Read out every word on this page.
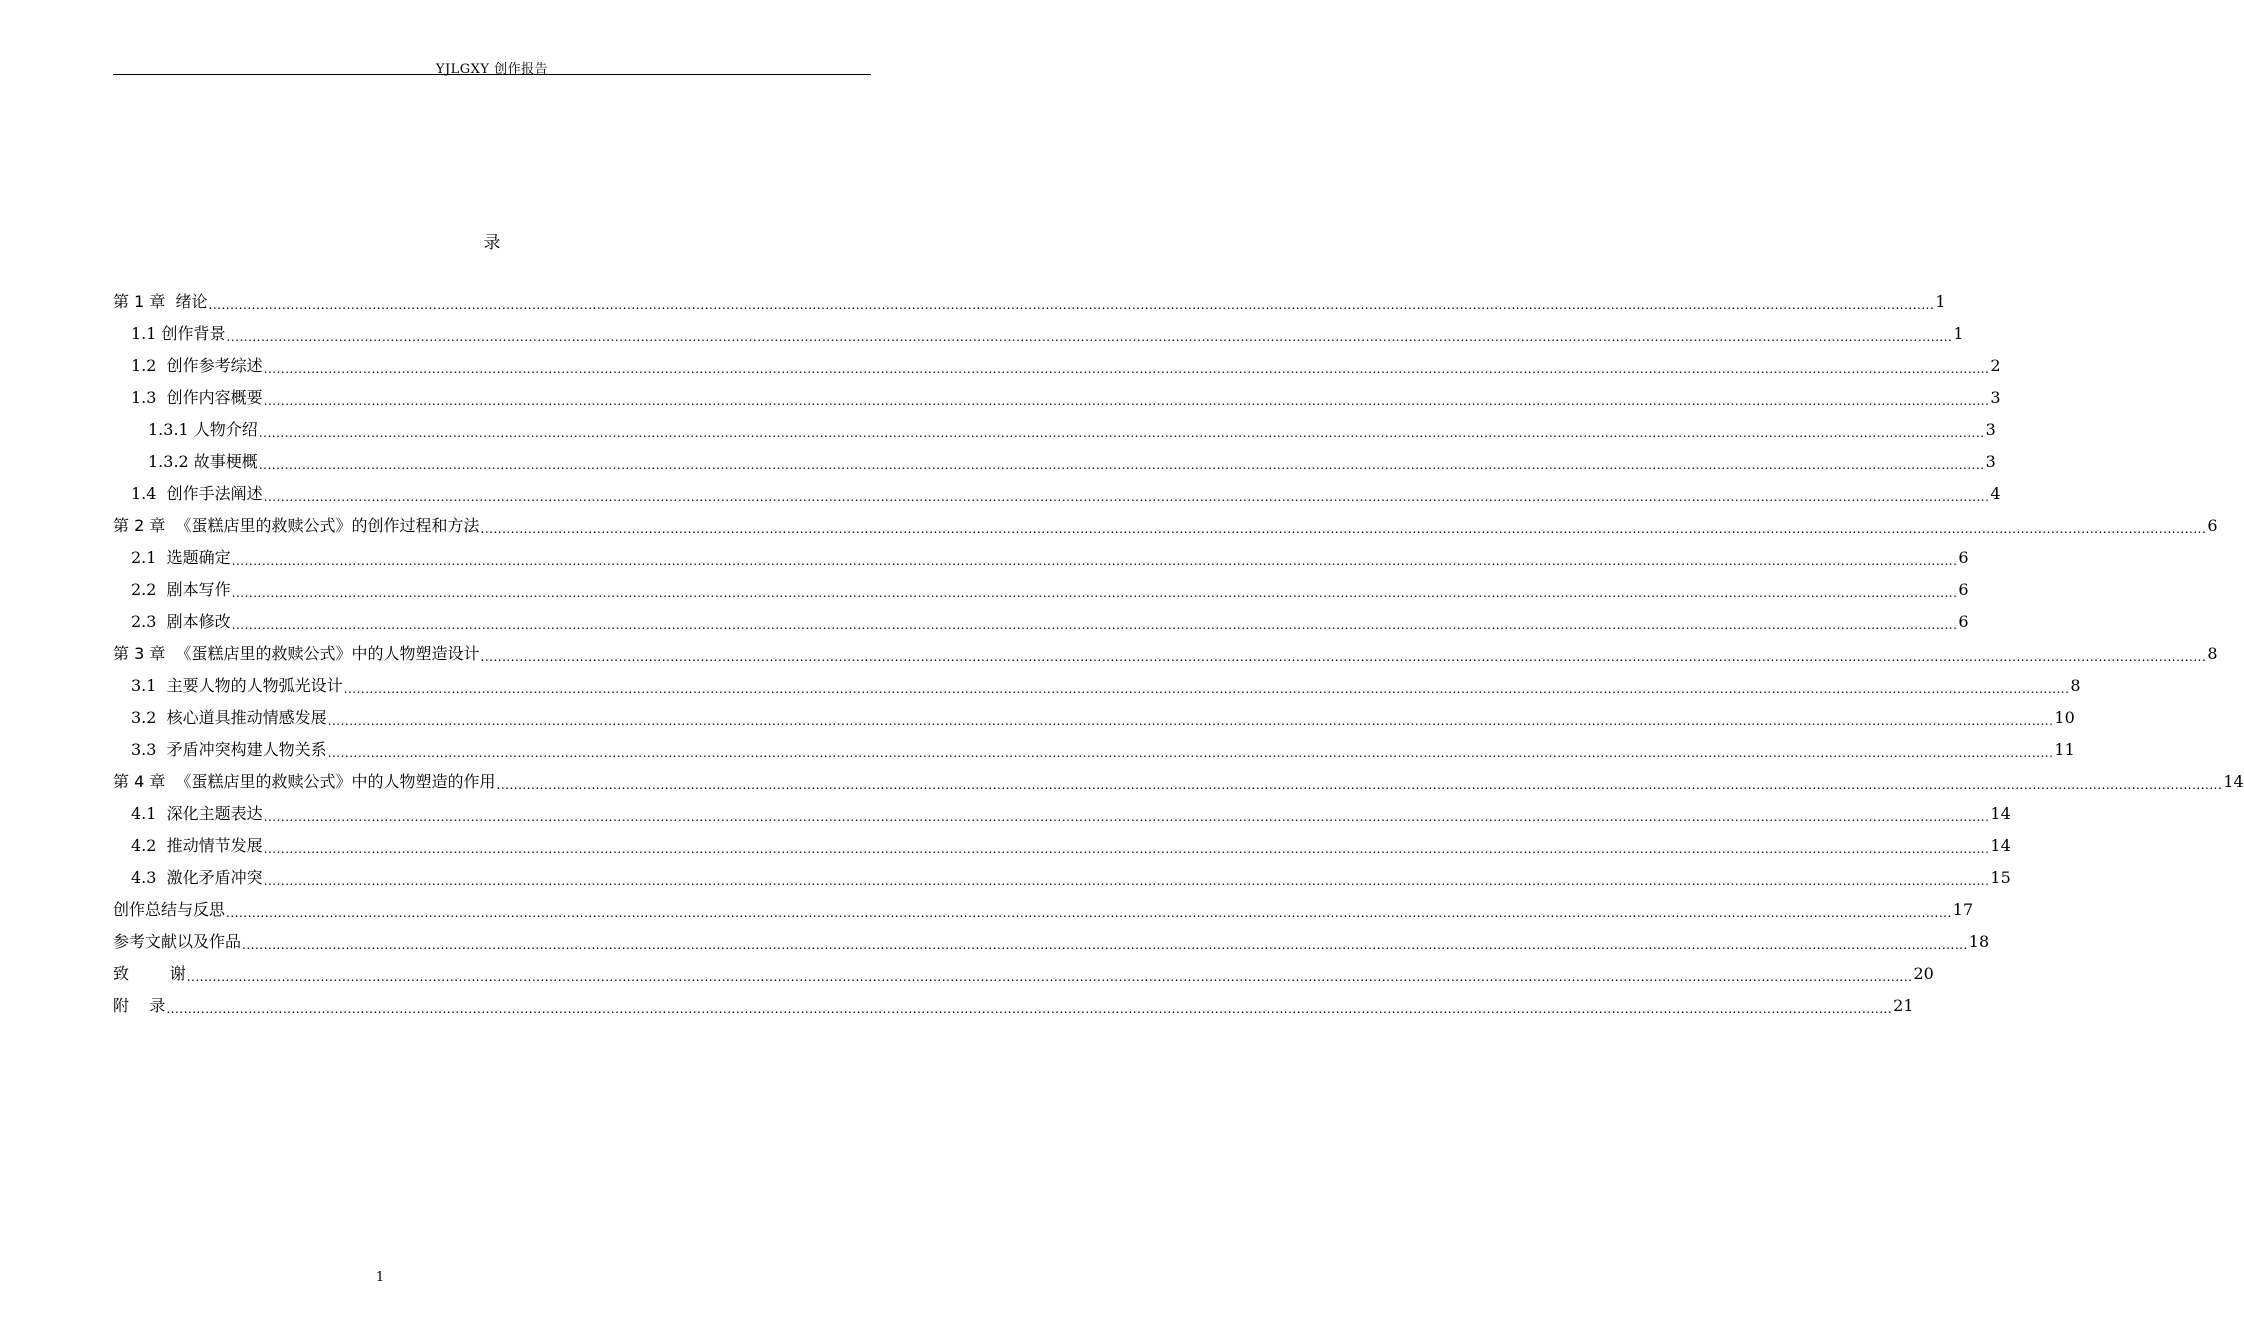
YJLGXY 创作报告
录
第 1 章  绪论 ................................................................................................................................................................................................................................................................................................................................................................................................................ 1
1.1 创作背景 ................................................................................................................................................................................................................................................................................................................................................................................................................ 1
1.2  创作参考综述 ................................................................................................................................................................................................................................................................................................................................................................................................................ 2
1.3  创作内容概要 ................................................................................................................................................................................................................................................................................................................................................................................................................ 3
1.3.1 人物介绍 ................................................................................................................................................................................................................................................................................................................................................................................................................ 3
1.3.2 故事梗概 ................................................................................................................................................................................................................................................................................................................................................................................................................ 3
1.4  创作手法阐述 ................................................................................................................................................................................................................................................................................................................................................................................................................ 4
第 2 章  《蛋糕店里的救赎公式》的创作过程和方法 ................................................................................................................................................................................................................................................................................................................................................................................................................ 6
2.1  选题确定 ................................................................................................................................................................................................................................................................................................................................................................................................................ 6
2.2  剧本写作 ................................................................................................................................................................................................................................................................................................................................................................................................................ 6
2.3  剧本修改 ................................................................................................................................................................................................................................................................................................................................................................................................................ 6
第 3 章  《蛋糕店里的救赎公式》中的人物塑造设计 ................................................................................................................................................................................................................................................................................................................................................................................................................ 8
3.1  主要人物的人物弧光设计 ................................................................................................................................................................................................................................................................................................................................................................................................................ 8
3.2  核心道具推动情感发展 ................................................................................................................................................................................................................................................................................................................................................................................................................ 10
3.3  矛盾冲突构建人物关系 ................................................................................................................................................................................................................................................................................................................................................................................................................ 11
第 4 章  《蛋糕店里的救赎公式》中的人物塑造的作用 ................................................................................................................................................................................................................................................................................................................................................................................................................ 14
4.1  深化主题表达 ................................................................................................................................................................................................................................................................................................................................................................................................................ 14
4.2  推动情节发展 ................................................................................................................................................................................................................................................................................................................................................................................................................ 14
4.3  激化矛盾冲突 ................................................................................................................................................................................................................................................................................................................................................................................................................ 15
创作总结与反思 ................................................................................................................................................................................................................................................................................................................................................................................................................ 17
参考文献以及作品 ................................................................................................................................................................................................................................................................................................................................................................................................................ 18
致        谢 ................................................................................................................................................................................................................................................................................................................................................................................................................ 20
附    录 ................................................................................................................................................................................................................................................................................................................................................................................................................ 21
1
